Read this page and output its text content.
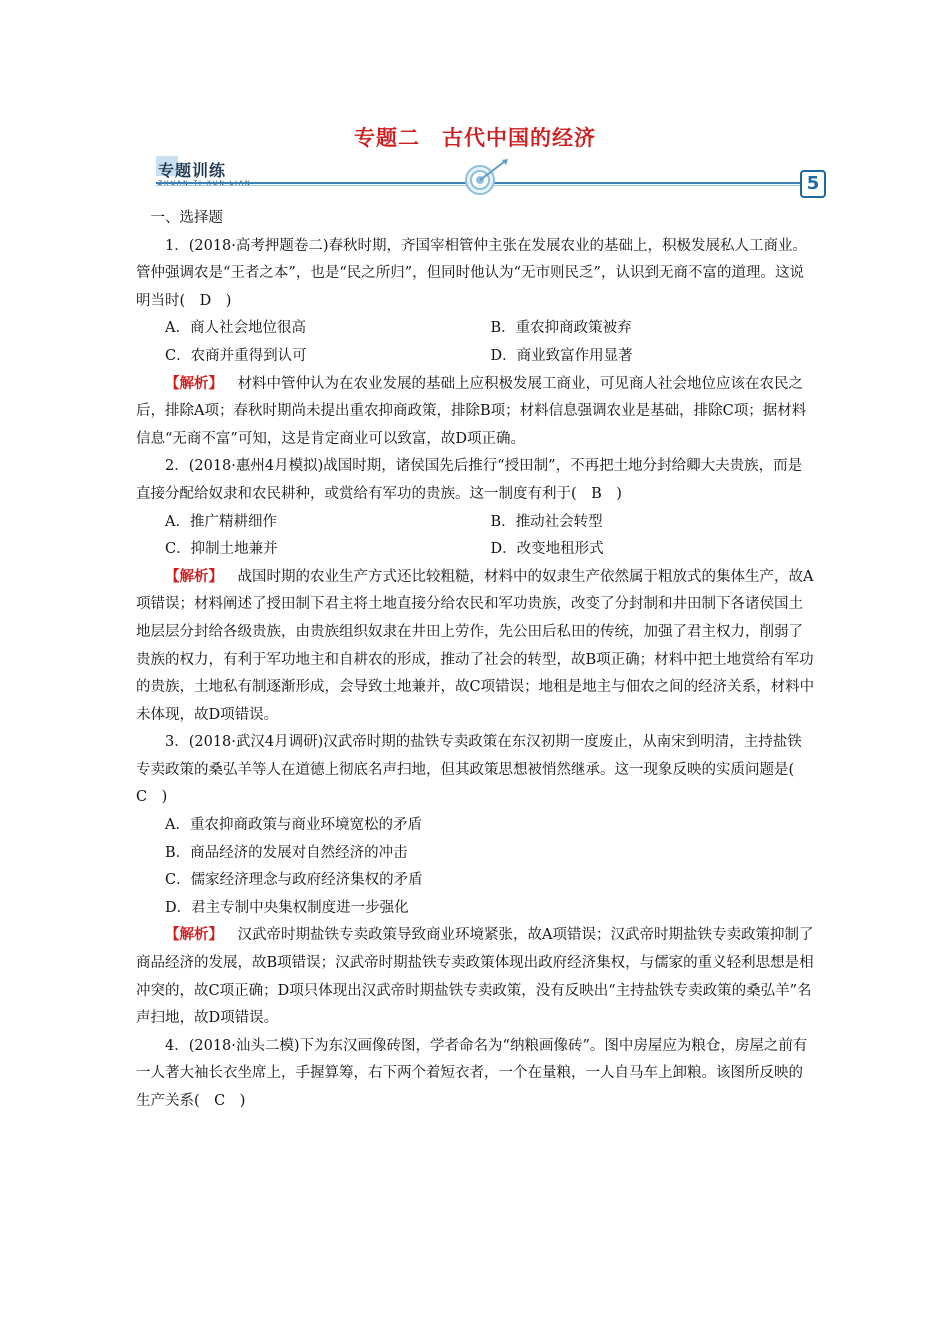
专题二　古代中国的经济
专题训练
5

一、选择题

1．(2018·高考押题卷二)春秋时期，齐国宰相管仲主张在发展农业的基础上，积极发展私人工商业。管仲强调农是“王者之本”，也是“民之所归”，但同时他认为“无市则民乏”，认识到无商不富的道理。这说明当时(　D　)

A．商人社会地位很高	B．重农抑商政策被弃
C．农商并重得到认可	D．商业致富作用显著

【解析】 材料中管仲认为在农业发展的基础上应积极发展工商业，可见商人社会地位应该在农民之后，排除A项；春秋时期尚未提出重农抑商政策，排除B项；材料信息强调农业是基础，排除C项；据材料信息“无商不富”可知，这是肯定商业可以致富，故D项正确。

2．(2018·惠州4月模拟)战国时期，诸侯国先后推行“授田制”，不再把土地分封给卿大夫贵族，而是直接分配给奴隶和农民耕种，或赏给有军功的贵族。这一制度有利于(　B　)

A．推广精耕细作	B．推动社会转型
C．抑制土地兼并	D．改变地租形式

【解析】 战国时期的农业生产方式还比较粗糙，材料中的奴隶生产依然属于粗放式的集体生产，故A项错误；材料阐述了授田制下君主将土地直接分给农民和军功贵族，改变了分封制和井田制下各诸侯国土地层层分封给各级贵族，由贵族组织奴隶在井田上劳作，先公田后私田的传统，加强了君主权力，削弱了贵族的权力，有利于军功地主和自耕农的形成，推动了社会的转型，故B项正确；材料中把土地赏给有军功的贵族，土地私有制逐渐形成，会导致土地兼并，故C项错误；地租是地主与佃农之间的经济关系，材料中未体现，故D项错误。

3．(2018·武汉4月调研)汉武帝时期的盐铁专卖政策在东汉初期一度废止，从南宋到明清，主持盐铁专卖政策的桑弘羊等人在道德上彻底名声扫地，但其政策思想被悄然继承。这一现象反映的实质问题是(　C　)

A．重农抑商政策与商业环境宽松的矛盾
B．商品经济的发展对自然经济的冲击
C．儒家经济理念与政府经济集权的矛盾
D．君主专制中央集权制度进一步强化

【解析】 汉武帝时期盐铁专卖政策导致商业环境紧张，故A项错误；汉武帝时期盐铁专卖政策抑制了商品经济的发展，故B项错误；汉武帝时期盐铁专卖政策体现出政府经济集权，与儒家的重义轻利思想是相冲突的，故C项正确；D项只体现出汉武帝时期盐铁专卖政策，没有反映出“主持盐铁专卖政策的桑弘羊”名声扫地，故D项错误。

4．(2018·汕头二模)下为东汉画像砖图，学者命名为“纳粮画像砖”。图中房屋应为粮仓，房屋之前有一人著大袖长衣坐席上，手握算筹，右下两个着短衣者，一个在量粮，一人自马车上卸粮。该图所反映的生产关系(　C　)
